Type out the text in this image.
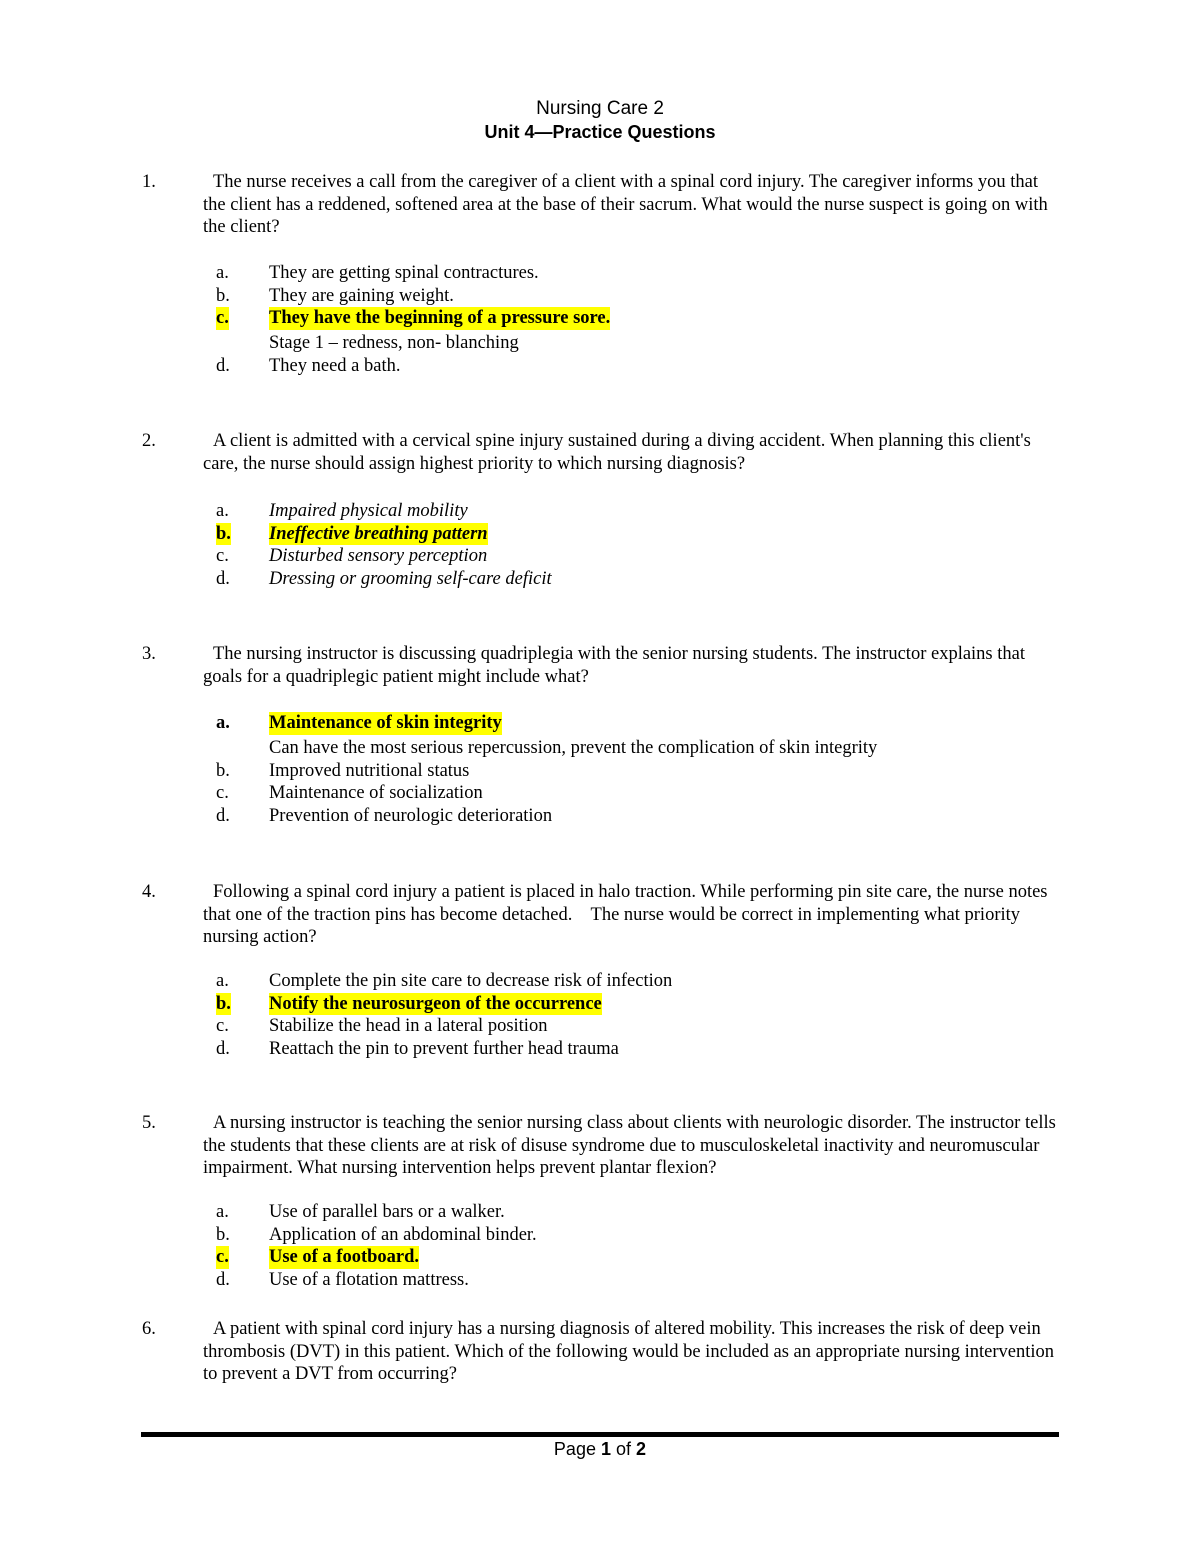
Nursing Care 2
Unit 4—Practice Questions
1.	The nurse receives a call from the caregiver of a client with a spinal cord injury. The caregiver informs you that the client has a reddened, softened area at the base of their sacrum. What would the nurse suspect is going on with the client?
a. They are getting spinal contractures.
b. They are gaining weight.
c. They have the beginning of a pressure sore.
Stage 1 – redness, non- blanching
d. They need a bath.
2.	A client is admitted with a cervical spine injury sustained during a diving accident. When planning this client's care, the nurse should assign highest priority to which nursing diagnosis?
a. Impaired physical mobility
b. Ineffective breathing pattern
c. Disturbed sensory perception
d. Dressing or grooming self-care deficit
3.	The nursing instructor is discussing quadriplegia with the senior nursing students. The instructor explains that goals for a quadriplegic patient might include what?
a. Maintenance of skin integrity
Can have the most serious repercussion, prevent the complication of skin integrity
b. Improved nutritional status
c. Maintenance of socialization
d. Prevention of neurologic deterioration
4.	Following a spinal cord injury a patient is placed in halo traction. While performing pin site care, the nurse notes that one of the traction pins has become detached.    The nurse would be correct in implementing what priority nursing action?
a. Complete the pin site care to decrease risk of infection
b. Notify the neurosurgeon of the occurrence
c. Stabilize the head in a lateral position
d. Reattach the pin to prevent further head trauma
5.	A nursing instructor is teaching the senior nursing class about clients with neurologic disorder. The instructor tells the students that these clients are at risk of disuse syndrome due to musculoskeletal inactivity and neuromuscular impairment. What nursing intervention helps prevent plantar flexion?
a. Use of parallel bars or a walker.
b. Application of an abdominal binder.
c. Use of a footboard.
d. Use of a flotation mattress.
6.	A patient with spinal cord injury has a nursing diagnosis of altered mobility. This increases the risk of deep vein thrombosis (DVT) in this patient. Which of the following would be included as an appropriate nursing intervention to prevent a DVT from occurring?
Page 1 of 2
